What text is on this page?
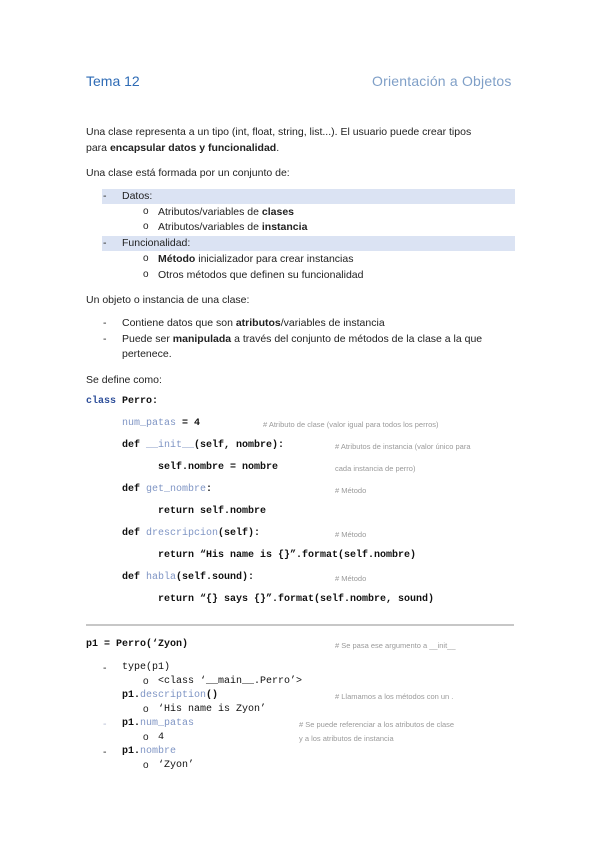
Tema 12	Orientación a Objetos
Una clase representa a un tipo (int, float, string, list...). El usuario puede crear tipos
para encapsular datos y funcionalidad.
Una clase está formada por un conjunto de:
- Datos:
o Atributos/variables de clases
o Atributos/variables de instancia
- Funcionalidad:
o Método inicializador para crear instancias
o Otros métodos que definen su funcionalidad
Un objeto o instancia de una clase:
- Contiene datos que son atributos/variables de instancia
- Puede ser manipulada a través del conjunto de métodos de la clase a la que
pertenece.
Se define como:
class Perro:
num_patas = 4	# Atributo de clase (valor igual para todos los perros)
def __init__(self, nombre):	# Atributos de instancia (valor único para
self.nombre = nombre	cada instancia de perro)
def get_nombre:	# Método
return self.nombre
def drescripcion(self):	# Método
return “His name is {}”.format(self.nombre)
def habla(self.sound):	# Método
return “{} says {}”.format(self.nombre, sound)
p1 = Perro(‘Zyon)	# Se pasa ese argumento a __init__
- type(p1)
o <class ‘__main__.Perro’>
p1.description()	# Llamamos a los métodos con un .
o ‘His name is Zyon’
- p1.num_patas	# Se puede referenciar a los atributos de clase
o 4	y a los atributos de instancia
- p1.nombre
o ‘Zyon’
